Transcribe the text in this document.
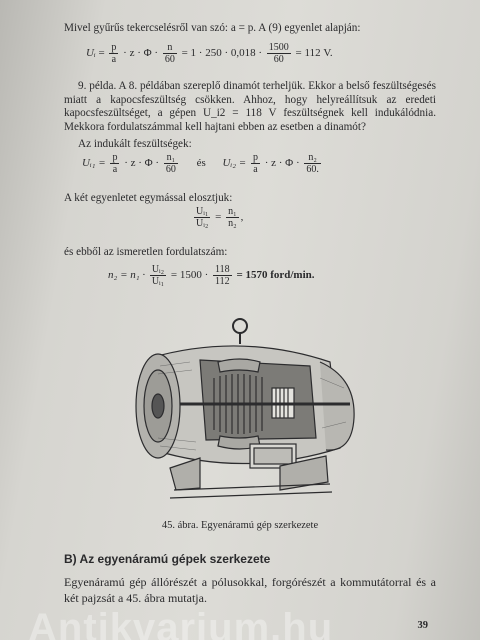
Mivel gyűrűs tekercselésről van szó: a = p. A (9) egyenlet alapján:
Uᵢ = $\frac{p}{a} \cdot z \cdot \Phi \cdot \frac{n}{60} = 1 \cdot 250 \cdot 0,018 \cdot \frac{1500}{60} = 112$ V.
9. példa. A 8. példában szereplő dinamót terheljük. Ekkor a belső feszültségesés miatt a kapocsfeszültség csökken. Ahhoz, hogy helyreállítsuk az eredeti kapocsfeszültséget, a gépen U_i2 = 118 V feszültségnek kell indukálódnia. Mekkora fordulatszámmal kell hajtani ebben az esetben a dinamót?
Az indukált feszültségek:
Uᵢ₁ = $\frac{p}{a} \cdot z \cdot \Phi \cdot \frac{\text{n₁}}{60}$ és Uᵢ₂ = $\frac{p}{a} \cdot z \cdot \Phi \cdot \frac{\text{n₂}}{60.}$
A két egyenletet egymással elosztjuk:
$\frac{\text{Uᵢ₁}}{\text{Uᵢ₂}} = \frac{\text{n₁}}{\text{n₂}}$ ,
és ebből az ismeretlen fordulatszám:
$n_2 = n_1 \cdot \frac{\text{Uᵢ₂}}{\text{Uᵢ₁}} = 1500 \cdot \frac{118}{112} = 1570$ ford/min.
45. ábra. Egyenáramú gép szerkezete
B) Az egyenáramú gépek szerkezete
Egyenáramú gép állórészét a pólusokkal, forgórészét a kommutátorral és a két pajzsát a 45. ábra mutatja.
Antikvarium.hu	39
